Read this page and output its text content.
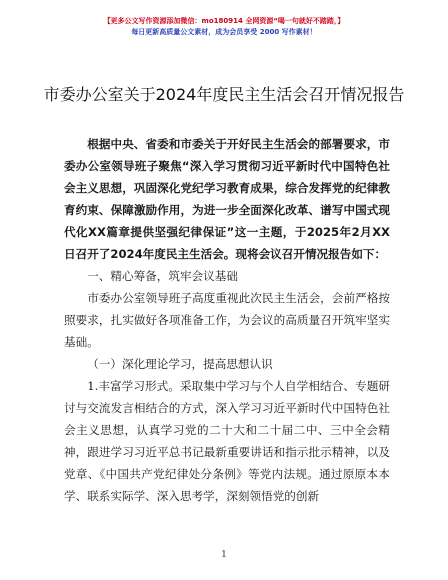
【更多公文写作资源添加微信：mo180914 全网资源“喝一句就好不踏踏，】
每日更新高质量公文素材，成为会员享受 2000 写作素材！
市委办公室关于2024年度民主生活会召开情况报告

根据中央、省委和市委关于开好民主生活会的部署要求，市委办公室领导班子聚焦“深入学习贯彻习近平新时代中国特色社会主义思想，巩固深化党纪学习教育成果，综合发挥党的纪律教育约束、保障激励作用，为进一步全面深化改革、谱写中国式现代化XX篇章提供坚强纪律保证”这一主题，于2025年2月XX日召开了2024年度民主生活会。现将会议召开情况报告如下：

一、精心筹备，筑牢会议基础

市委办公室领导班子高度重视此次民主生活会，会前严格按照要求，扎实做好各项准备工作，为会议的高质量召开筑牢坚实基础。

（一）深化理论学习，提高思想认识

1.丰富学习形式。采取集中学习与个人自学相结合、专题研讨与交流发言相结合的方式，深入学习习近平新时代中国特色社会主义思想，认真学习党的二十大和二十届二中、三中全会精神，跟进学习习近平总书记最新重要讲话和指示批示精神，以及党章、《中国共产党纪律处分条例》等党内法规。通过原原本本学、联系实际学、深入思考学，深刻领悟党的创新

1
